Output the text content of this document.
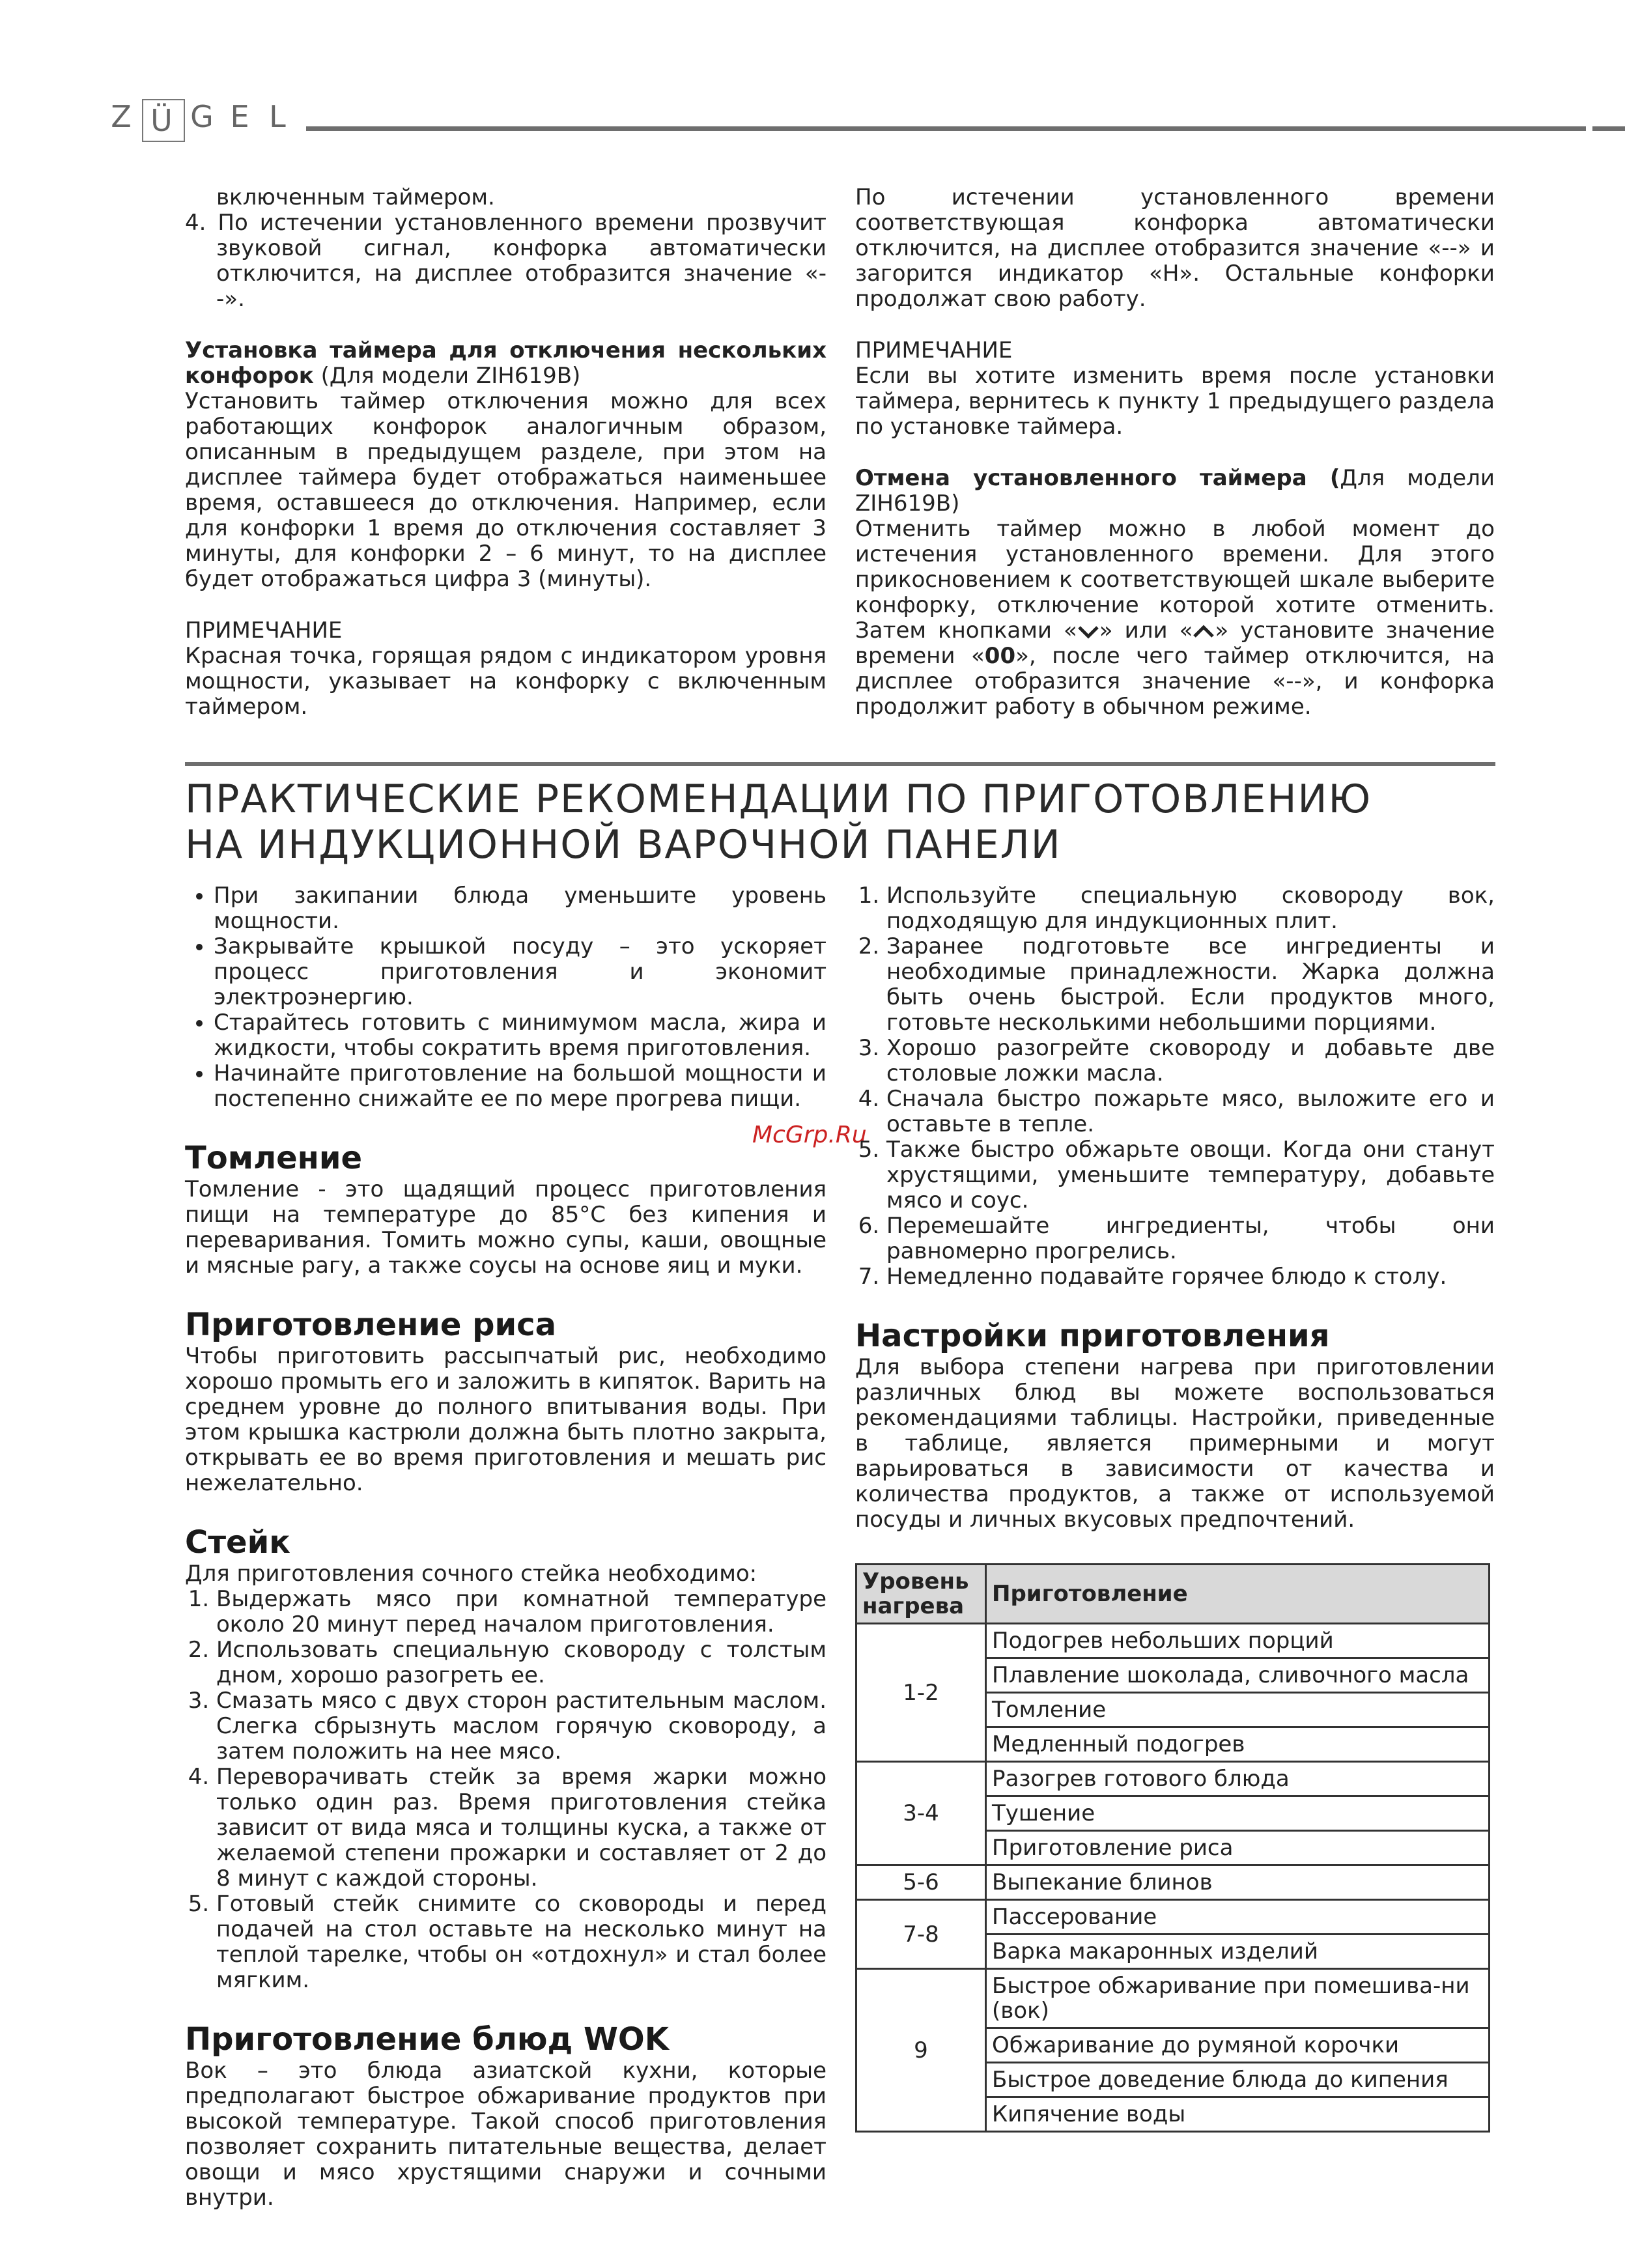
Z Ü G E L

включенным таймером.

4. По истечении установленного времени прозвучит звуковой сигнал, конфорка автоматически отключится, на дисплее отобразится значение «--».

Установка таймера для отключения нескольких конфорок (Для модели ZIH619B)

Установить таймер отключения можно для всех работающих конфорок аналогичным образом, описанным в предыдущем разделе, при этом на дисплее таймера будет отображаться наименьшее время, оставшееся до отключения. Например, если для конфорки 1 время до отключения составляет 3 минуты, для конфорки 2 – 6 минут, то на дисплее будет отображаться цифра 3 (минуты).

ПРИМЕЧАНИЕ

Красная точка, горящая рядом с индикатором уровня мощности, указывает на конфорку с включенным таймером.

По истечении установленного времени соответствующая конфорка автоматически отключится, на дисплее отобразится значение «--» и загорится индикатор «H». Остальные конфорки продолжат свою работу.

ПРИМЕЧАНИЕ

Если вы хотите изменить время после установки таймера, вернитесь к пункту 1 предыдущего раздела по установке таймера.

Отмена установленного таймера (Для модели ZIH619B)

Отменить таймер можно в любой момент до истечения установленного времени. Для этого прикосновением к соответствующей шкале выберите конфорку, отключение которой хотите отменить. Затем кнопками « » или « » установите значение времени «00», после чего таймер отключится, на дисплее отобразится значение «--», и конфорка продолжит работу в обычном режиме.

ПРАКТИЧЕСКИЕ РЕКОМЕНДАЦИИ ПО ПРИГОТОВЛЕНИЮ
НА ИНДУКЦИОННОЙ ВАРОЧНОЙ ПАНЕЛИ
• При закипании блюда уменьшите уровень мощности.
• Закрывайте крышкой посуду – это ускоряет процесс приготовления и экономит электроэнергию.
• Старайтесь готовить с минимумом масла, жира и жидкости, чтобы сократить время приготовления.
• Начинайте приготовление на большой мощности и постепенно снижайте ее по мере прогрева пищи.
Томление

Томление - это щадящий процесс приготовления пищи на температуре до 85°C без кипения и переваривания. Томить можно супы, каши, овощные и мясные рагу, а также соусы на основе яиц и муки.

Приготовление риса

Чтобы приготовить рассыпчатый рис, необходимо хорошо промыть его и заложить в кипяток. Варить на среднем уровне до полного впитывания воды. При этом крышка кастрюли должна быть плотно закрыта, открывать ее во время приготовления и мешать рис нежелательно.

Стейк

Для приготовления сочного стейка необходимо:

1. Выдержать мясо при комнатной температуре около 20 минут перед началом приготовления.
2. Использовать специальную сковороду с толстым дном, хорошо разогреть ее.
3. Смазать мясо с двух сторон растительным маслом. Слегка сбрызнуть маслом горячую сковороду, а затем положить на нее мясо.
4. Переворачивать стейк за время жарки можно только один раз. Время приготовления стейка зависит от вида мяса и толщины куска, а также от желаемой степени прожарки и составляет от 2 до 8 минут с каждой стороны.
5. Готовый стейк снимите со сковороды и перед подачей на стол оставьте на несколько минут на теплой тарелке, чтобы он «отдохнул» и стал более мягким.
Приготовление блюд WOK

Вок – это блюда азиатской кухни, которые предполагают быстрое обжаривание продуктов при высокой температуре. Такой способ приготовления позволяет сохранить питательные вещества, делает овощи и мясо хрустящими снаружи и сочными внутри.

McGrp.Ru
1. Используйте специальную сковороду вок, подходящую для индукционных плит.
2. Заранее подготовьте все ингредиенты и необходимые принадлежности. Жарка должна быть очень быстрой. Если продуктов много, готовьте несколькими небольшими порциями.
3. Хорошо разогрейте сковороду и добавьте две столовые ложки масла.
4. Сначала быстро пожарьте мясо, выложите его и оставьте в тепле.
5. Также быстро обжарьте овощи. Когда они станут хрустящими, уменьшите температуру, добавьте мясо и соус.
6. Перемешайте ингредиенты, чтобы они равномерно прогрелись.
7. Немедленно подавайте горячее блюдо к столу.
Настройки приготовления

Для выбора степени нагрева при приготовлении различных блюд вы можете воспользоваться рекомендациями таблицы. Настройки, приведенные в таблице, является примерными и могут варьироваться в зависимости от качества и количества продуктов, а также от используемой посуды и личных вкусовых предпочтений.

Уровень нагрева	Приготовление
1-2	Подогрев небольших порций
	Плавление шоколада, сливочного масла
	Томление
	Медленный подогрев
3-4	Разогрев готового блюда
	Тушение
	Приготовление риса
5-6	Выпекание блинов
7-8	Пассерование
	Варка макаронных изделий
9	Быстрое обжаривание при помешива-ни (вок)
	Обжаривание до румяной корочки
	Быстрое доведение блюда до кипения
	Кипячение воды
